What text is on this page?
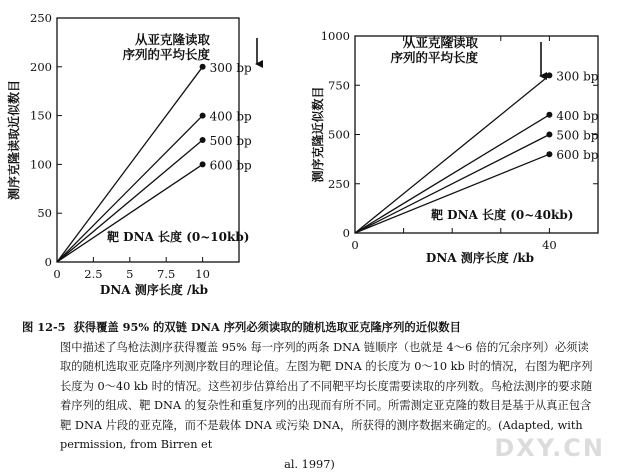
0
50
100
150
200
250
0 2.5 5 7.5 10
测序克隆读取近似数目
DNA 测序长度 /kb
300 bp
400 bp
500 bp
600 bp
从亚克隆读取
序列的平均长度
靶 DNA 长度 (0~10kb)	0
250
500
750
1000
0	40
测序克隆近似数目
DNA 测序长度 /kb
300 bp
400 bp
500 bp
600 bp
从亚克隆读取
序列的平均长度
靶 DNA 长度 (0~40kb)
图 12-5 获得覆盖 95% 的双链 DNA 序列必须读取的随机选取亚克隆序列的近似数目
图中描述了鸟枪法测序获得覆盖 95% 每一序列的两条 DNA 链顺序（也就是 4～6 倍的冗余序列）必须读取的随机选取亚克隆序列测序数目的理论值。左图为靶 DNA 的长度为 0～10 kb 时的情况，右图为靶序列长度为 0～40 kb 时的情况。这些初步估算给出了不同靶平均长度需要读取的序列数。鸟枪法测序的要求随着序列的组成、靶 DNA 的复杂性和重复序列的出现而有所不同。所需测定亚克隆的数目是基于从真正包含靶 DNA 片段的亚克隆，而不是载体 DNA 或污染 DNA，所获得的测序数据来确定的。(Adapted, with permission, from Birren et
al. 1997)
DXY.CN
